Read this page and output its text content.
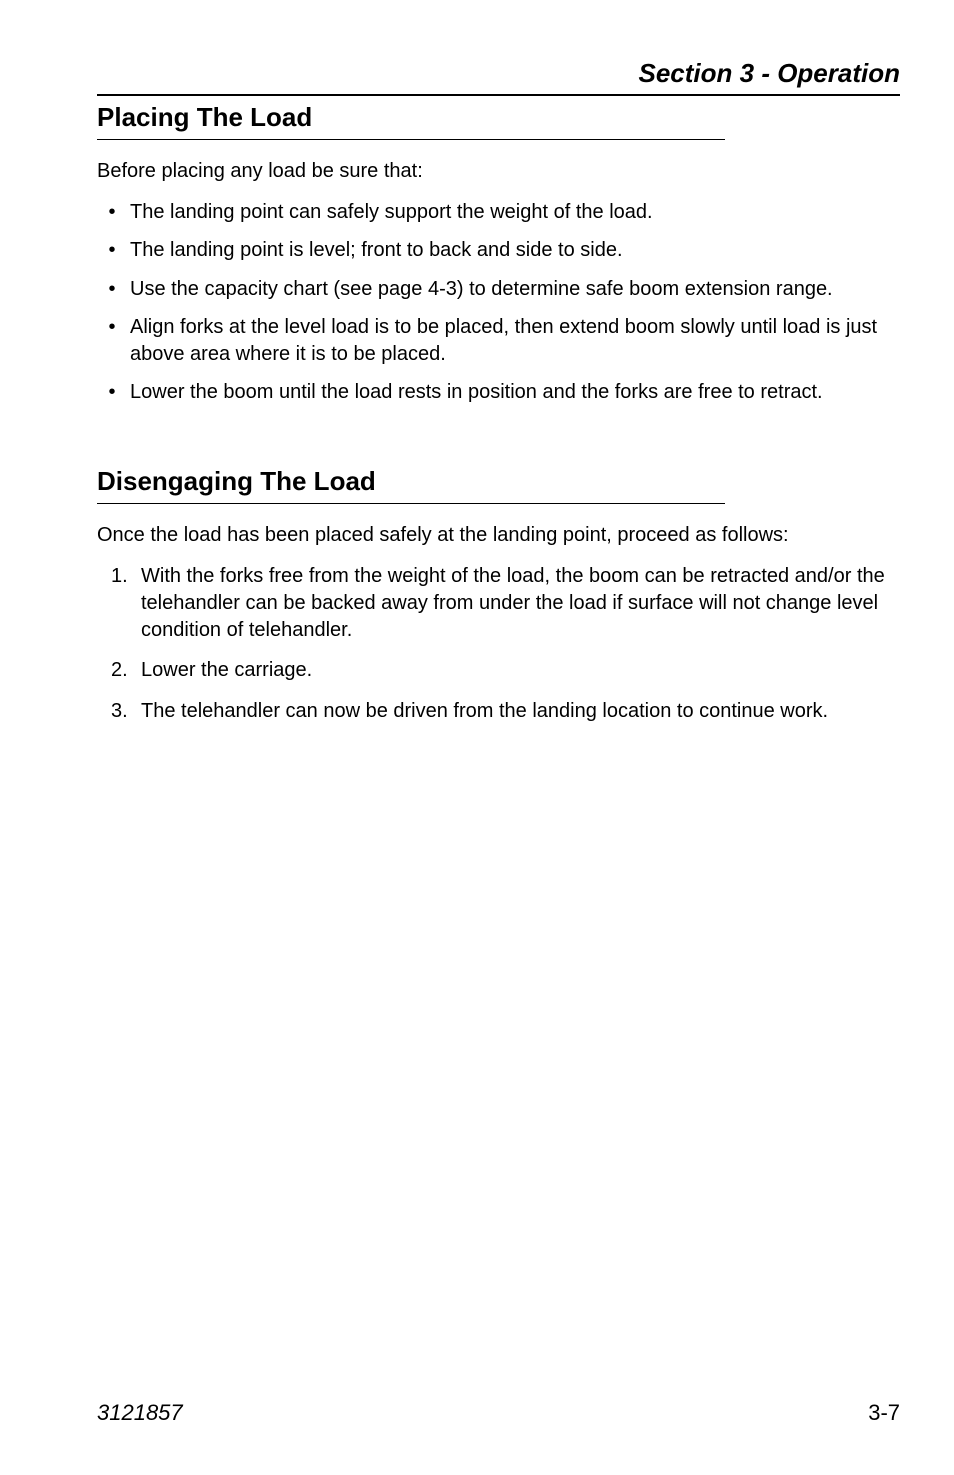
Section 3 - Operation
Placing The Load
Before placing any load be sure that:
• The landing point can safely support the weight of the load.
• The landing point is level; front to back and side to side.
• Use the capacity chart (see page 4-3) to determine safe boom extension range.
• Align forks at the level load is to be placed, then extend boom slowly until load is just above area where it is to be placed.
• Lower the boom until the load rests in position and the forks are free to retract.
Disengaging The Load
Once the load has been placed safely at the landing point, proceed as follows:
1. With the forks free from the weight of the load, the boom can be retracted and/or the telehandler can be backed away from under the load if surface will not change level condition of telehandler.
2. Lower the carriage.
3. The telehandler can now be driven from the landing location to continue work.
3121857	3-7
